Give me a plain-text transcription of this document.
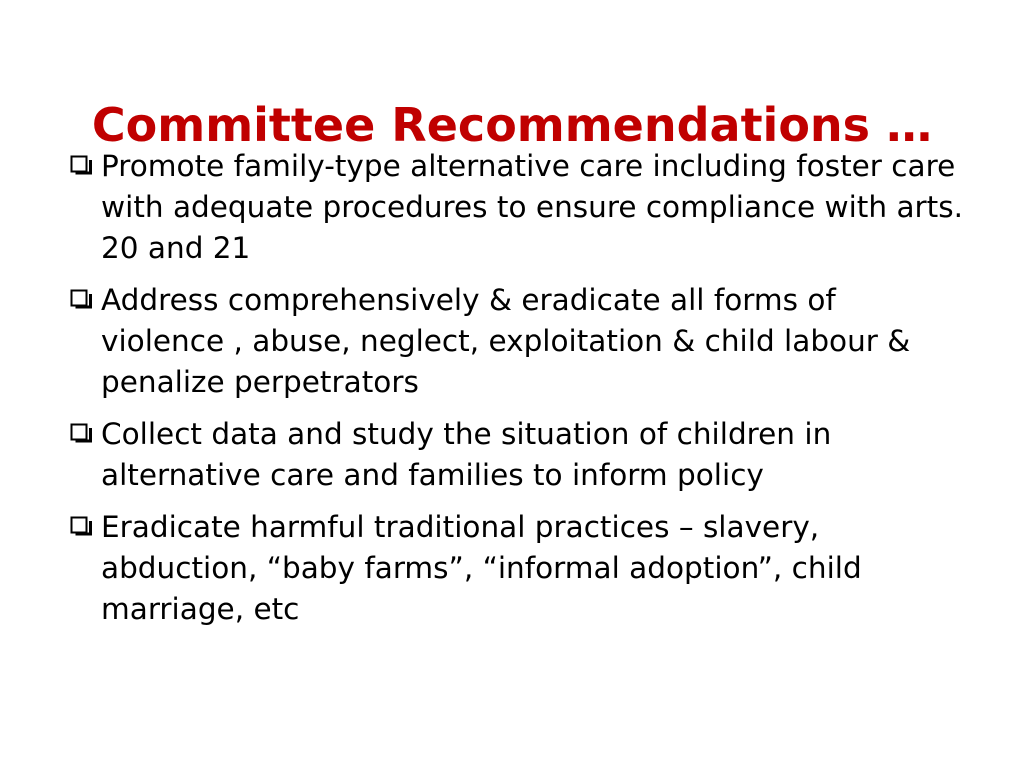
Committee Recommendations …
Promote family-type alternative care including foster care with adequate procedures to ensure compliance with arts. 20 and 21
Address comprehensively & eradicate all forms of violence , abuse, neglect, exploitation & child labour & penalize perpetrators
Collect data and study the situation of children in alternative care and families to inform policy
Eradicate harmful traditional practices – slavery, abduction, “baby farms”, “informal adoption”, child marriage, etc
